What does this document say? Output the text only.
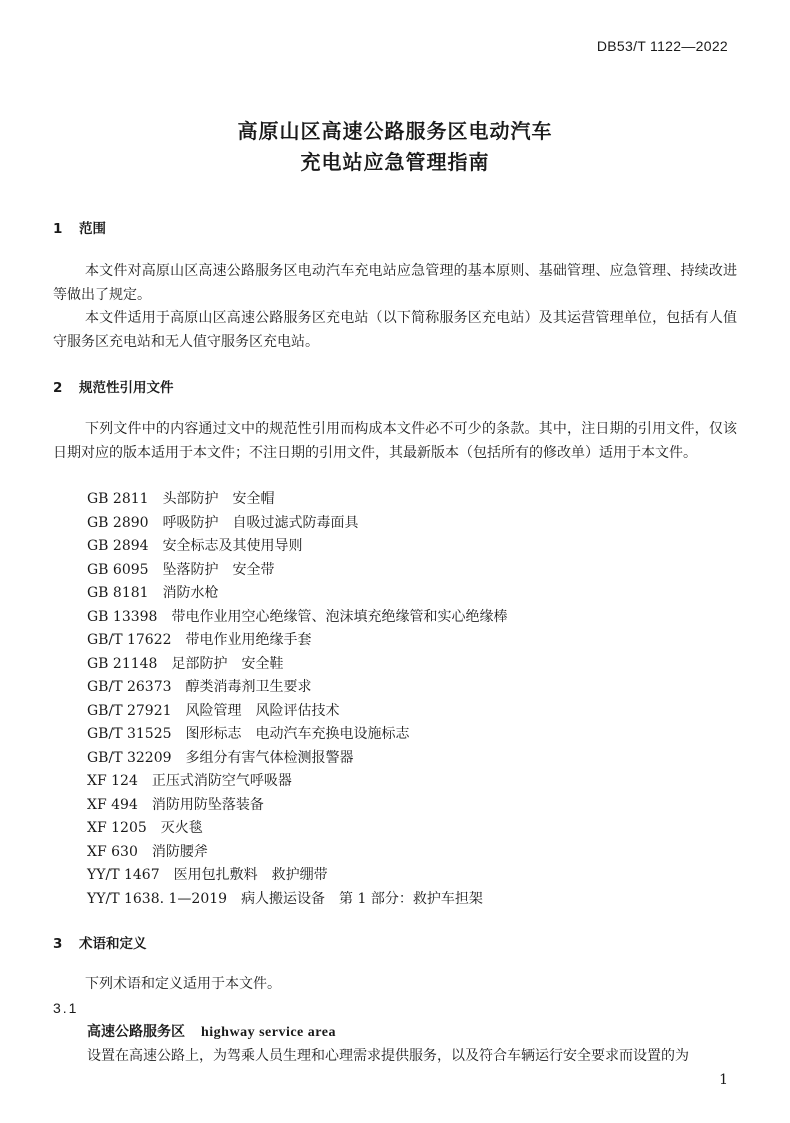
DB53/T 1122—2022
高原山区高速公路服务区电动汽车
充电站应急管理指南
1 范围
本文件对高原山区高速公路服务区电动汽车充电站应急管理的基本原则、基础管理、应急管理、持续改进等做出了规定。
本文件适用于高原山区高速公路服务区充电站（以下简称服务区充电站）及其运营管理单位，包括有人值守服务区充电站和无人值守服务区充电站。
2 规范性引用文件
下列文件中的内容通过文中的规范性引用而构成本文件必不可少的条款。其中，注日期的引用文件，仅该日期对应的版本适用于本文件；不注日期的引用文件，其最新版本（包括所有的修改单）适用于本文件。
GB 2811 头部防护　安全帽
GB 2890 呼吸防护　自吸过滤式防毒面具
GB 2894 安全标志及其使用导则
GB 6095 坠落防护　安全带
GB 8181 消防水枪
GB 13398 带电作业用空心绝缘管、泡沫填充绝缘管和实心绝缘棒
GB/T 17622 带电作业用绝缘手套
GB 21148 足部防护　安全鞋
GB/T 26373 醇类消毒剂卫生要求
GB/T 27921 风险管理　风险评估技术
GB/T 31525 图形标志　电动汽车充换电设施标志
GB/T 32209 多组分有害气体检测报警器
XF 124 正压式消防空气呼吸器
XF 494 消防用防坠落装备
XF 1205 灭火毯
XF 630 消防腰斧
YY/T 1467 医用包扎敷料　救护绷带
YY/T 1638. 1—2019 病人搬运设备　第 1 部分：救护车担架
3 术语和定义
下列术语和定义适用于本文件。
3.1
高速公路服务区 highway service area
设置在高速公路上，为驾乘人员生理和心理需求提供服务，以及符合车辆运行安全要求而设置的为
1
